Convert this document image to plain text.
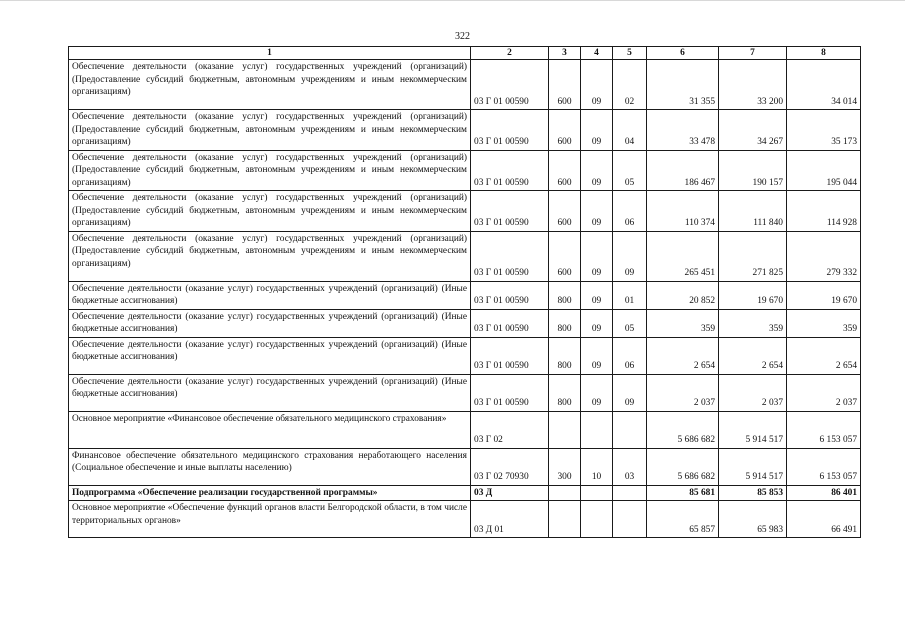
322
1	2	3	4	5	6	7	8
Обеспечение деятельности (оказание услуг) государственных учреждений (организаций) (Предоставление субсидий бюджетным, автономным учреждениям и иным некоммерческим организациям)	03 Г 01 00590	600	09	02	31 355	33 200	34 014
Обеспечение деятельности (оказание услуг) государственных учреждений (организаций) (Предоставление субсидий бюджетным, автономным учреждениям и иным некоммерческим организациям)	03 Г 01 00590	600	09	04	33 478	34 267	35 173
Обеспечение деятельности (оказание услуг) государственных учреждений (организаций) (Предоставление субсидий бюджетным, автономным учреждениям и иным некоммерческим организациям)	03 Г 01 00590	600	09	05	186 467	190 157	195 044
Обеспечение деятельности (оказание услуг) государственных учреждений (организаций) (Предоставление субсидий бюджетным, автономным учреждениям и иным некоммерческим организациям)	03 Г 01 00590	600	09	06	110 374	111 840	114 928
Обеспечение деятельности (оказание услуг) государственных учреждений (организаций) (Предоставление субсидий бюджетным, автономным учреждениям и иным некоммерческим организациям)	03 Г 01 00590	600	09	09	265 451	271 825	279 332
Обеспечение деятельности (оказание услуг) государственных учреждений (организаций) (Иные бюджетные ассигнования)	03 Г 01 00590	800	09	01	20 852	19 670	19 670
Обеспечение деятельности (оказание услуг) государственных учреждений (организаций) (Иные бюджетные ассигнования)	03 Г 01 00590	800	09	05	359	359	359
Обеспечение деятельности (оказание услуг) государственных учреждений (организаций) (Иные бюджетные ассигнования)	03 Г 01 00590	800	09	06	2 654	2 654	2 654
Обеспечение деятельности (оказание услуг) государственных учреждений (организаций) (Иные бюджетные ассигнования)	03 Г 01 00590	800	09	09	2 037	2 037	2 037
Основное мероприятие «Финансовое обеспечение обязательного медицинского страхования»	03 Г 02				5 686 682	5 914 517	6 153 057
Финансовое обеспечение обязательного медицинского страхования неработающего населения (Социальное обеспечение и иные выплаты населению)	03 Г 02 70930	300	10	03	5 686 682	5 914 517	6 153 057
Подпрограмма «Обеспечение реализации государственной программы»	03 Д				85 681	85 853	86 401
Основное мероприятие «Обеспечение функций органов власти Белгородской области, в том числе территориальных органов»	03 Д 01				65 857	65 983	66 491
